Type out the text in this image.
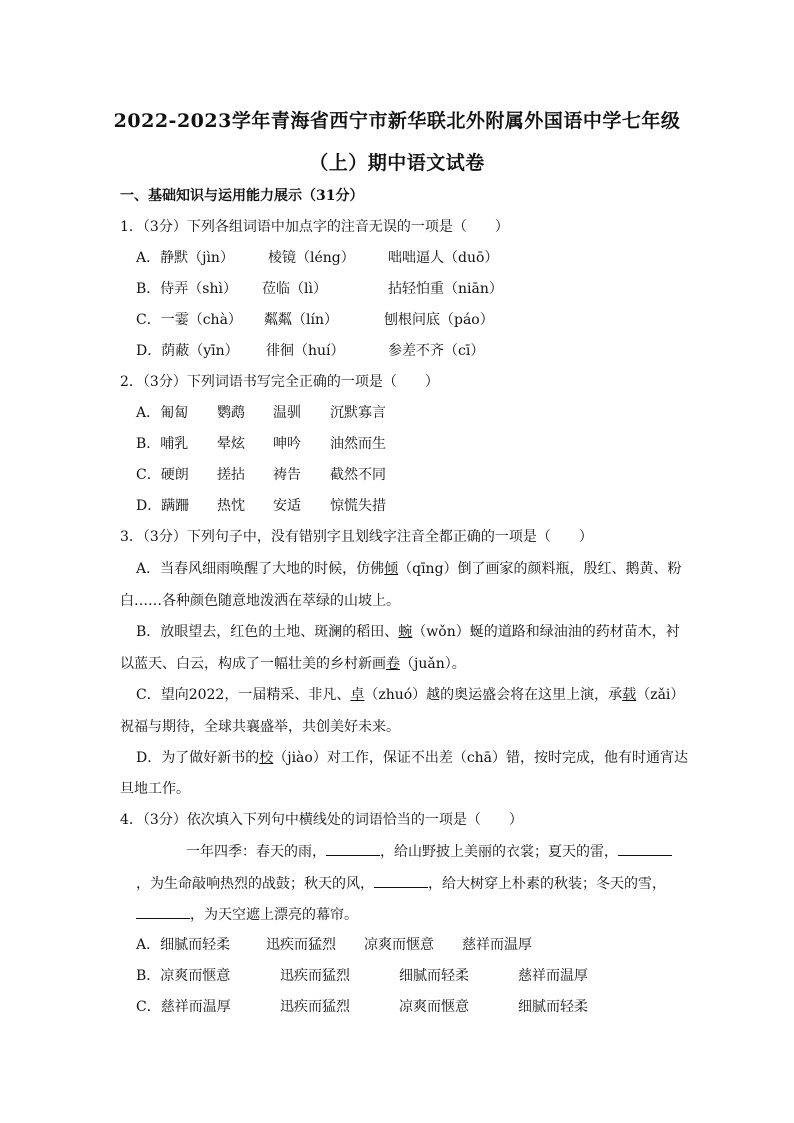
2022-2023学年青海省西宁市新华联北外附属外国语中学七年级
（上）期中语文试卷
一、基础知识与运用能力展示（31分）
1．（3分）下列各组词语中加点字的注音无误的一项是（　　）
A．静默（jìn） 棱镜（léng） 咄咄逼人（duō）
B．侍弄（shì） 莅临（lì）	拈轻怕重（niān）
C．一霎（chà） 粼粼（lín）	刨根问底（páo）
D．荫蔽（yīn） 徘徊（huí）	参差不齐（cī）
2．（3分）下列词语书写完全正确的一项是（　　）
A．匍匐 鹦鹉 温驯 沉默寡言
B．哺乳 晕炫 呻吟 油然而生
C．硬朗 搓拈 祷告 截然不同
D．蹒跚 热忱 安适 惊慌失措
3．（3分）下列句子中，没有错别字且划线字注音全都正确的一项是（　　）
A．当春风细雨唤醒了大地的时候，仿佛倾（qīng）倒了画家的颜料瓶，殷红、鹅黄、粉
白……各种颜色随意地泼洒在萃绿的山坡上。
B．放眼望去，红色的土地、斑澜的稻田、蜿（wǒn）蜒的道路和绿油油的药材苗木，衬
以蓝天、白云，构成了一幅壮美的乡村新画卷（juǎn）。
C．望向2022，一届精采、非凡、卓（zhuó）越的奥运盛会将在这里上演，承载（zǎi）
祝福与期待，全球共襄盛举，共创美好未来。
D．为了做好新书的校（jiào）对工作，保证不出差（chā）错，按时完成，他有时通宵达
旦地工作。
4．（3分）依次填入下列句中横线处的词语恰当的一项是（　　）
一年四季：春天的雨，	，给山野披上美丽的衣裳；夏天的雷，
，为生命敲响热烈的战鼓；秋天的风，	，给大树穿上朴素的秋装；冬天的雪，
，为天空遮上漂亮的幕帘。
A．细腻而轻柔	迅疾而猛烈 凉爽而惬意 慈祥而温厚
B．凉爽而惬意	迅疾而猛烈	细腻而轻柔	慈祥而温厚
C．慈祥而温厚	迅疾而猛烈	凉爽而惬意	细腻而轻柔
